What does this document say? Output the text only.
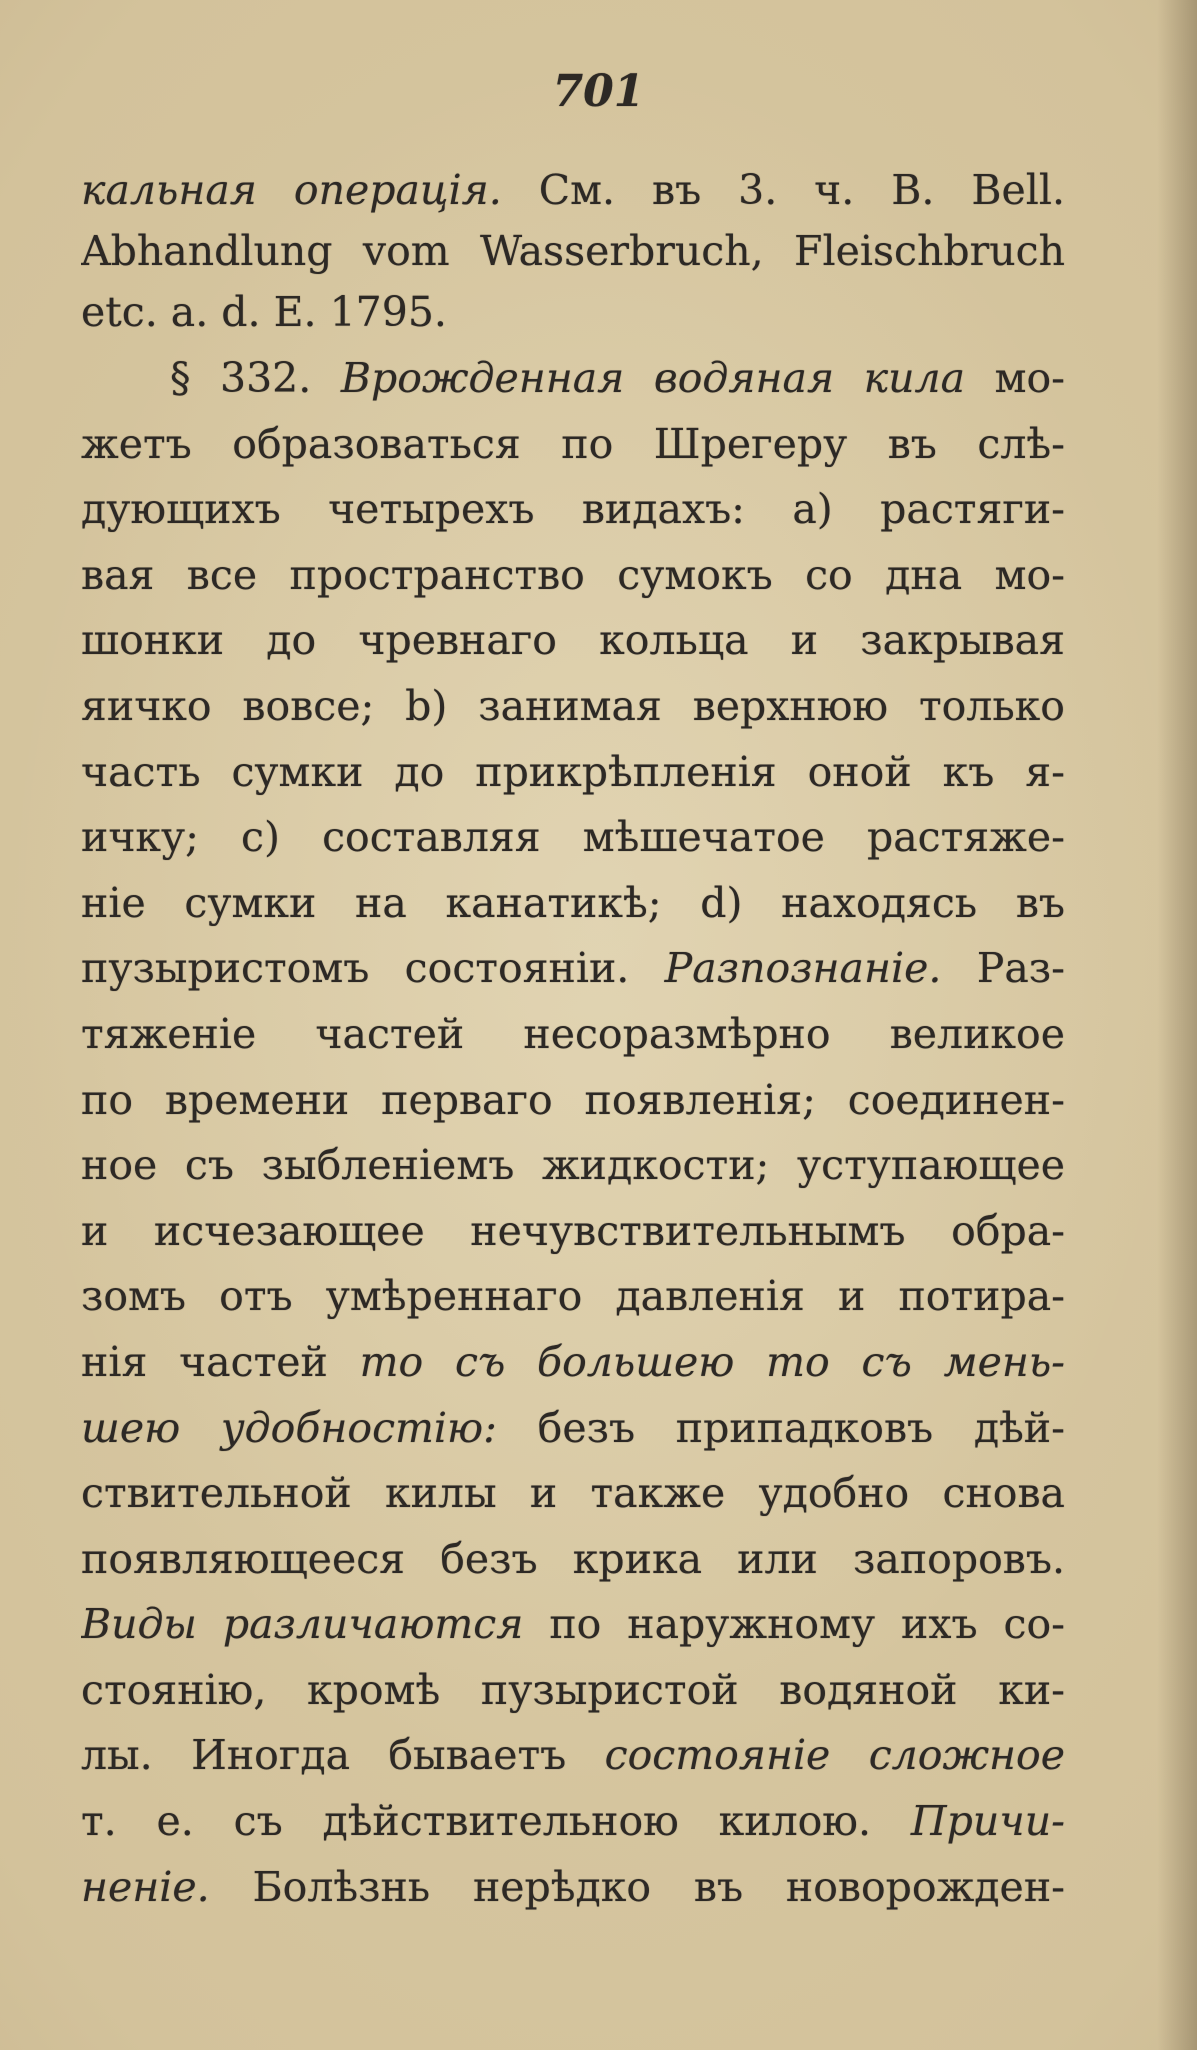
701
кальная операція. См. въ 3. ч. B. Bell.
Abhandlung vom Wasserbruch, Fleischbruch
etc. a. d. E. 1795.
§ 332. Врожденная водяная кила мо-
жетъ образоваться по Шрегеру въ слѣ-
дующихъ четырехъ видахъ: a) растяги-
вая все пространство сумокъ со дна мо-
шонки до чревнаго кольца и закрывая
яичко вовсе; b) занимая верхнюю только
часть сумки до прикрѣпленія оной къ я-
ичку; c) составляя мѣшечатое растяже-
ніе сумки на канатикѣ; d) находясь въ
пузыристомъ состояніи. Разпознаніе. Раз-
тяженіе частей несоразмѣрно великое
по времени перваго появленія; соединен-
ное съ зыбленіемъ жидкости; уступающее
и исчезающее нечувствительнымъ обра-
зомъ отъ умѣреннаго давленія и потира-
нія частей то съ большею то съ мень-
шею удобностію: безъ припадковъ дѣй-
ствительной килы и также удобно снова
появляющееся безъ крика или запоровъ.
Виды различаются по наружному ихъ со-
стоянію, кромѣ пузыристой водяной ки-
лы. Иногда бываетъ состояніе сложное
т. е. съ дѣйствительною килою. Причи-
неніе. Болѣзнь нерѣдко въ новорожден-
